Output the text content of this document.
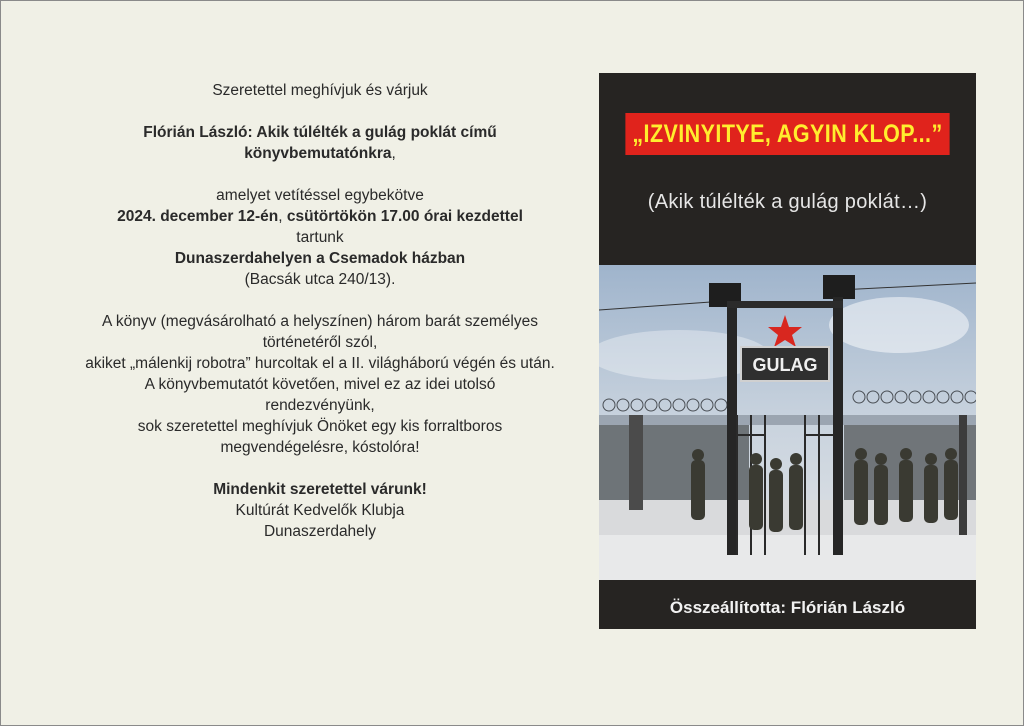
Szeretettel meghívjuk és várjuk

Flórián László: Akik túlélték a gulág poklát című könyvbemutatónkra,

amelyet vetítéssel egybekötve

2024. december 12-én, csütörtökön 17.00 órai kezdettel

tartunk

Dunaszerdahelyen a Csemadok házban

(Bacsák utca 240/13).

A könyv (megvásárolható a helyszínen) három barát személyes történetéről szól,

akiket „málenkij robotra” hurcoltak el a II. világháború végén és után.

A könyvbemutatót követően, mivel ez az idei utolsó rendezvényünk,

sok szeretettel meghívjuk Önöket egy kis forraltboros megvendégelésre, kóstolóra!

Mindenkit szeretettel várunk!

Kultúrát Kedvelők Klubja

Dunaszerdahely

„IZVINYITYE, AGYIN KLOP...”
(Akik túlélték a gulág poklát…)
GULAG
Összeállította: Flórián László
